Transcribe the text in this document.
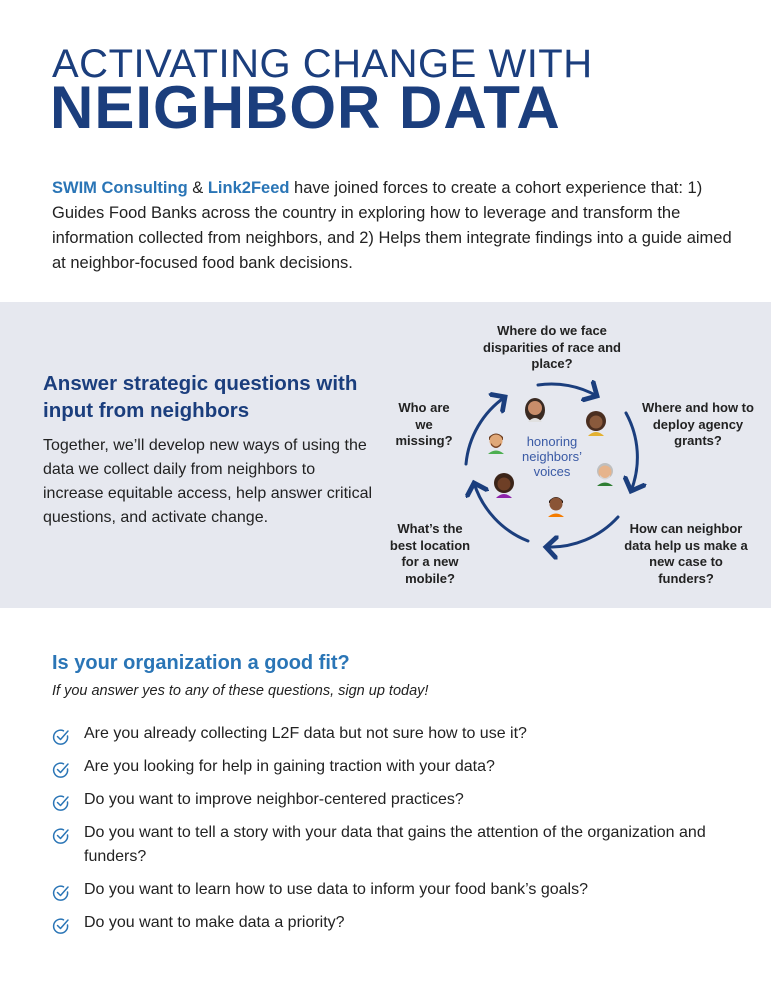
ACTIVATING CHANGE WITH
NEIGHBOR DATA

SWIM Consulting & Link2Feed have joined forces to create a cohort experience that: 1) Guides Food Banks across the country in exploring how to leverage and transform the information collected from neighbors, and 2) Helps them integrate findings into a guide aimed at neighbor-focused food bank decisions.

Answer strategic questions with input from neighbors

Together, we’ll develop new ways of using the data we collect daily from neighbors to increase equitable access, help answer critical questions, and activate change.

Where do we face disparities of race and place?
Where and how to deploy agency grants?
How can neighbor data help us make a new case to funders?
What’s the best location for a new mobile?
Who are we missing?	honoring neighbors’ voices
Is your organization a good fit?

If you answer yes to any of these questions, sign up today!

Are you already collecting L2F data but not sure how to use it?
Are you looking for help in gaining traction with your data?
Do you want to improve neighbor-centered practices?
Do you want to tell a story with your data that gains the attention of the organization and funders?
Do you want to learn how to use data to inform your food bank’s goals?
Do you want to make data a priority?
